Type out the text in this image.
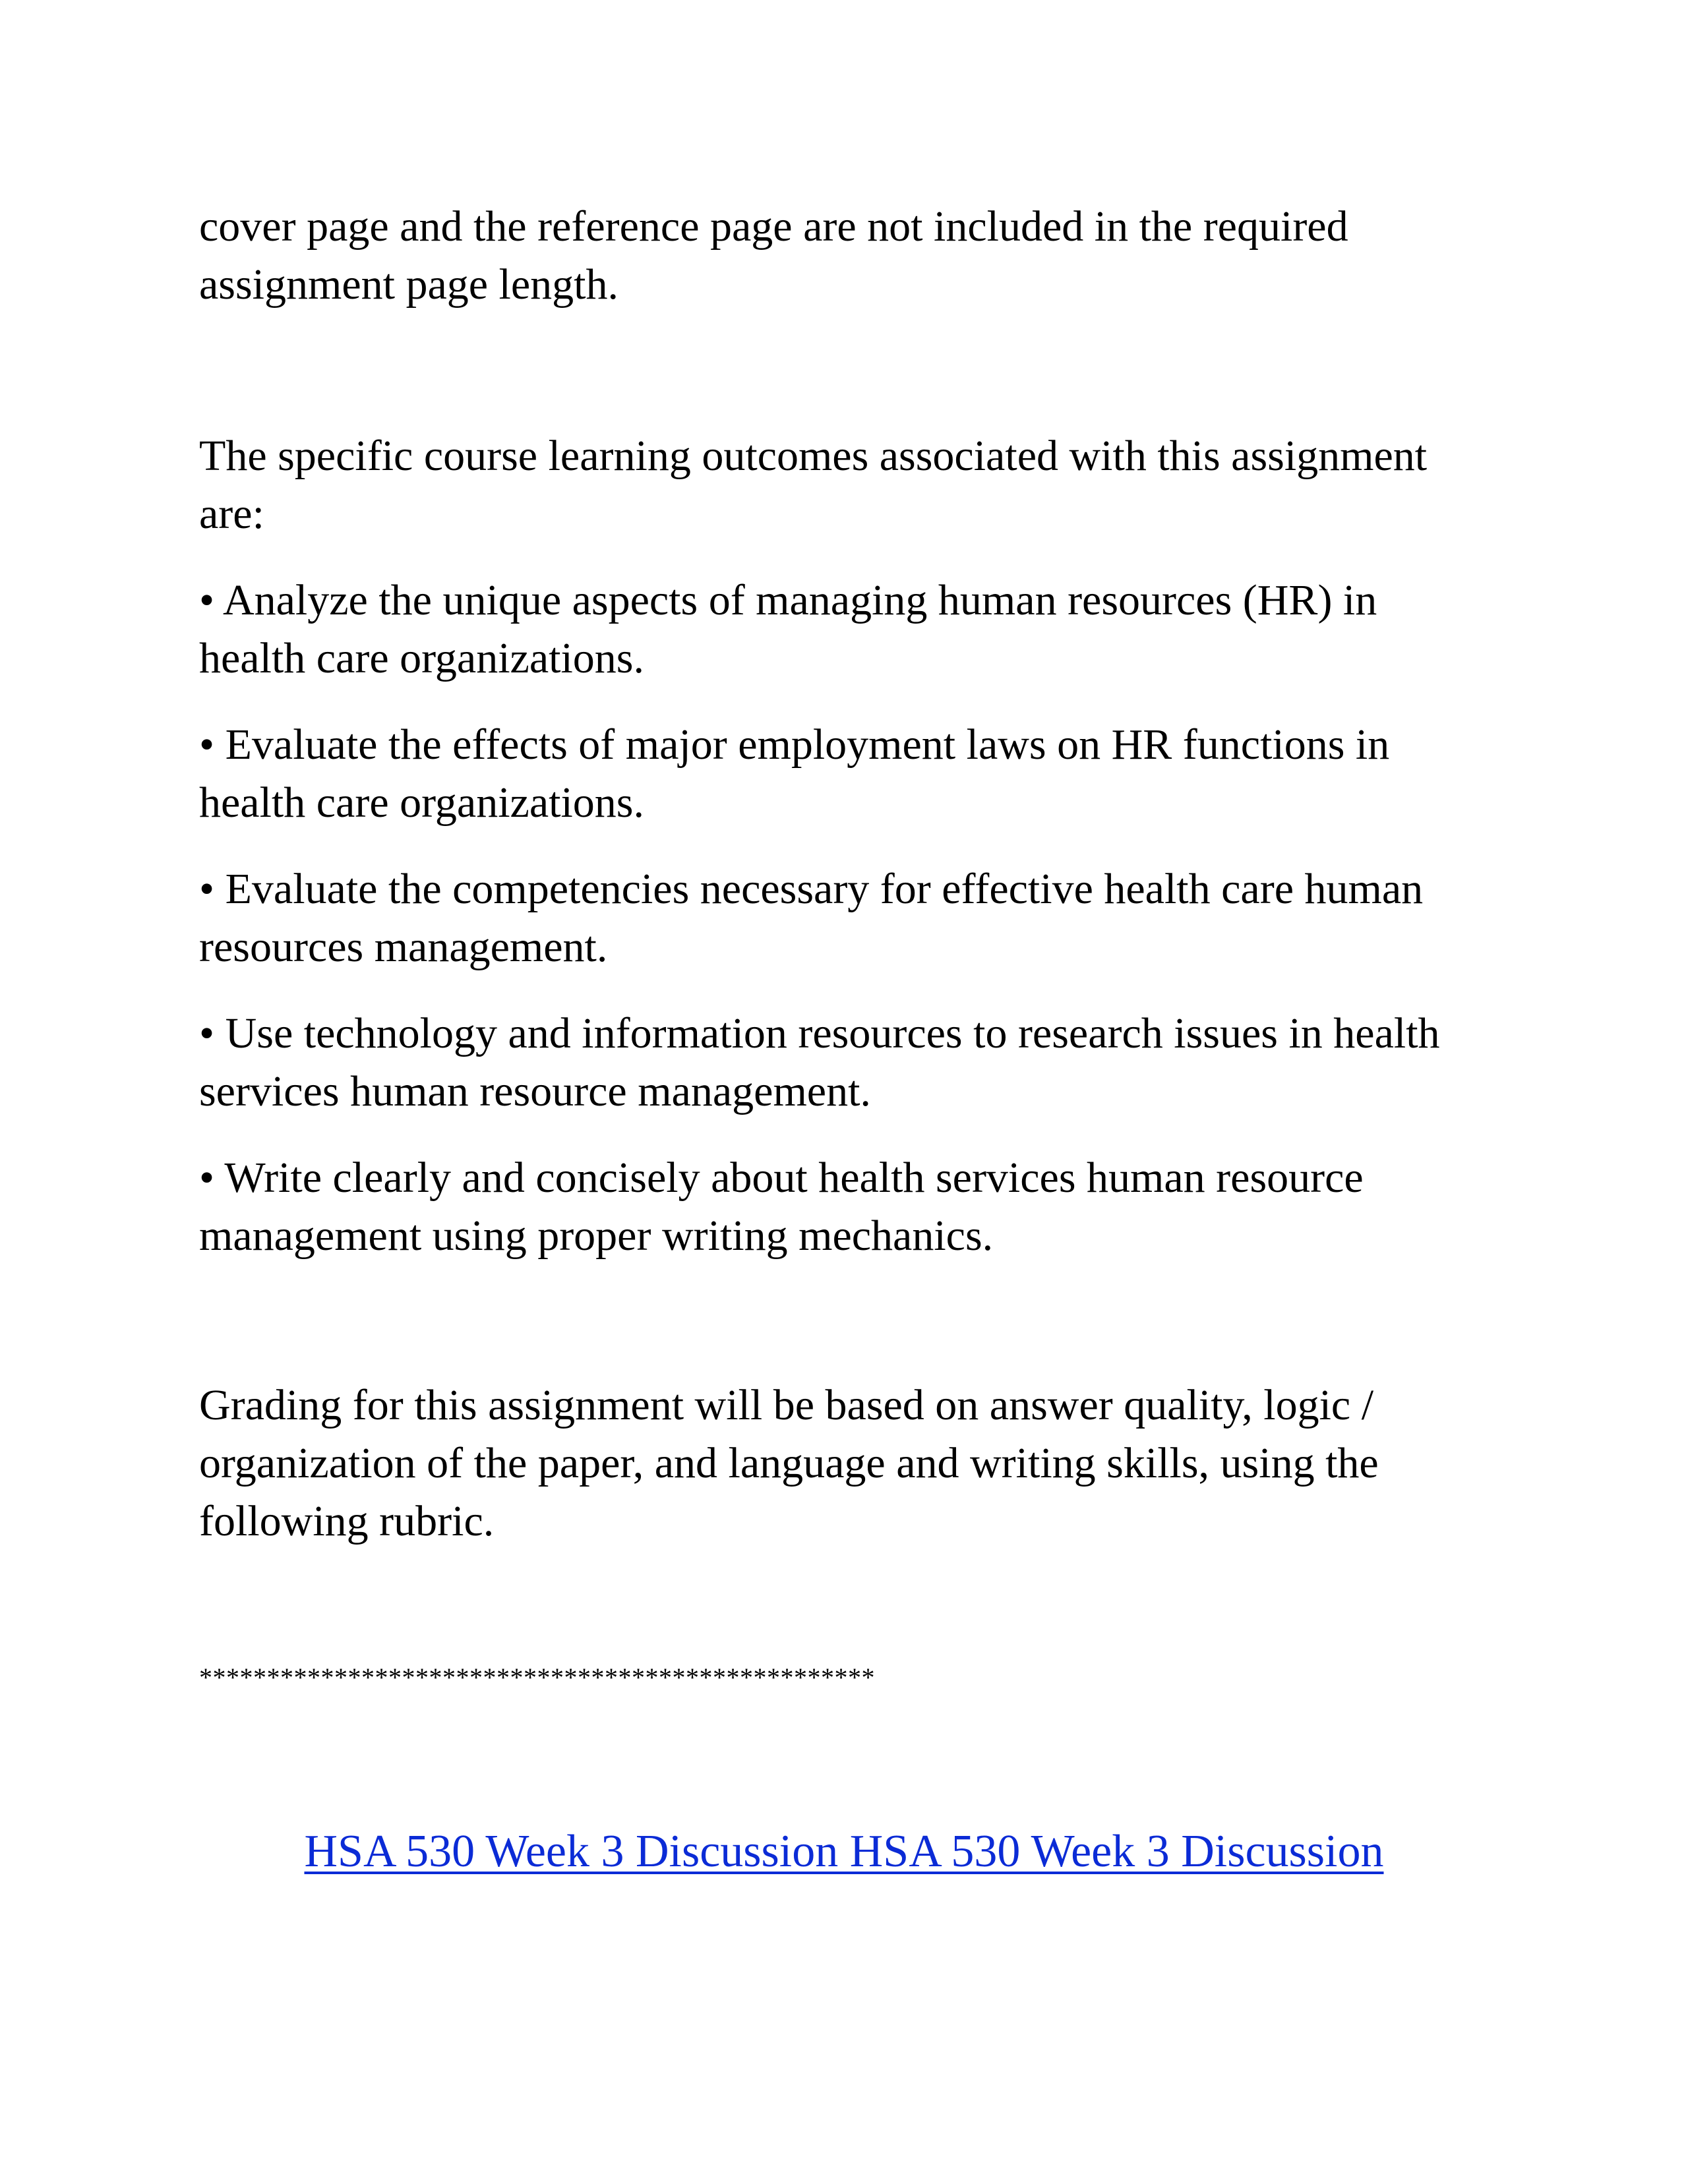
cover page and the reference page are not included in the required assignment page length.

The specific course learning outcomes associated with this assignment are:

• Analyze the unique aspects of managing human resources (HR) in health care organizations.

• Evaluate the effects of major employment laws on HR functions in health care organizations.

• Evaluate the competencies necessary for effective health care human resources management.

• Use technology and information resources to research issues in health services human resource management.

• Write clearly and concisely about health services human resource management using proper writing mechanics.

Grading for this assignment will be based on answer quality, logic / organization of the paper, and language and writing skills, using the following rubric.

**************************************************

HSA 530 Week 3 Discussion HSA 530 Week 3 Discussion
